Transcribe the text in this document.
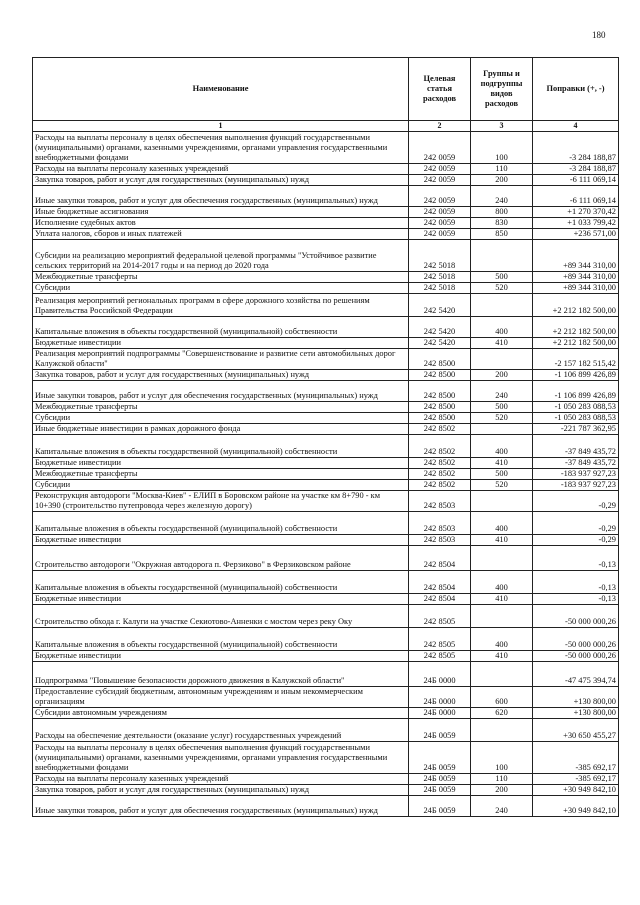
180
Наименование	Целевая статья расходов	Группы и подгруппы видов расходов	Поправки (+, -)
1	2	3	4
Расходы на выплаты персоналу в целях обеспечения выполнения функций государственными (муниципальными) органами, казенными учреждениями, органами управления государственными внебюджетными фондами	242 0059	100	-3 284 188,87
Расходы на выплаты персоналу казенных учреждений	242 0059	110	-3 284 188,87
Закупка товаров, работ и услуг для государственных (муниципальных) нужд	242 0059	200	-6 111 069,14
Иные закупки товаров, работ и услуг для обеспечения государственных (муниципальных) нужд	242 0059	240	-6 111 069,14
Иные бюджетные ассигнования	242 0059	800	+1 270 370,42
Исполнение судебных актов	242 0059	830	+1 033 799,42
Уплата налогов, сборов и иных платежей	242 0059	850	+236 571,00
Субсидии на реализацию мероприятий федеральной целевой программы "Устойчивое развитие сельских территорий на 2014-2017 годы и на период до 2020 года	242 5018		+89 344 310,00
Межбюджетные трансферты	242 5018	500	+89 344 310,00
Субсидии	242 5018	520	+89 344 310,00
Реализация мероприятий региональных программ в сфере дорожного хозяйства по решениям Правительства Российской Федерации	242 5420		+2 212 182 500,00
Капитальные вложения в объекты государственной (муниципальной) собственности	242 5420	400	+2 212 182 500,00
Бюджетные инвестиции	242 5420	410	+2 212 182 500,00
Реализация мероприятий подпрограммы "Совершенствование и развитие сети автомобильных дорог Калужской области"	242 8500		-2 157 182 515,42
Закупка товаров, работ и услуг для государственных (муниципальных) нужд	242 8500	200	-1 106 899 426,89
Иные закупки товаров, работ и услуг для обеспечения государственных (муниципальных) нужд	242 8500	240	-1 106 899 426,89
Межбюджетные трансферты	242 8500	500	-1 050 283 088,53
Субсидии	242 8500	520	-1 050 283 088,53
Иные бюджетные инвестиции в рамках дорожного фонда	242 8502		-221 787 362,95
Капитальные вложения в объекты государственной (муниципальной) собственности	242 8502	400	-37 849 435,72
Бюджетные инвестиции	242 8502	410	-37 849 435,72
Межбюджетные трансферты	242 8502	500	-183 937 927,23
Субсидии	242 8502	520	-183 937 927,23
Реконструкция автодороги "Москва-Киев" - ЕЛИП в Боровском районе на участке км 8+790 - км 10+390 (строительство путепровода через железную дорогу)	242 8503		-0,29
Капитальные вложения в объекты государственной (муниципальной) собственности	242 8503	400	-0,29
Бюджетные инвестиции	242 8503	410	-0,29
Строительство автодороги "Окружная автодорога п. Ферзиково" в Ферзиковском районе	242 8504		-0,13
Капитальные вложения в объекты государственной (муниципальной) собственности	242 8504	400	-0,13
Бюджетные инвестиции	242 8504	410	-0,13
Строительство обхода г. Калуги на участке Секиотово-Анненки с мостом через реку Оку	242 8505		-50 000 000,26
Капитальные вложения в объекты государственной (муниципальной) собственности	242 8505	400	-50 000 000,26
Бюджетные инвестиции	242 8505	410	-50 000 000,26
Подпрограмма "Повышение безопасности дорожного движения в Калужской области"	24Б 0000		-47 475 394,74
Предоставление субсидий бюджетным, автономным учреждениям и иным некоммерческим организациям	24Б 0000	600	+130 800,00
Субсидии автономным учреждениям	24Б 0000	620	+130 800,00
Расходы на обеспечение деятельности (оказание услуг) государственных учреждений	24Б 0059		+30 650 455,27
Расходы на выплаты персоналу в целях обеспечения выполнения функций государственными (муниципальными) органами, казенными учреждениями, органами управления государственными внебюджетными фондами	24Б 0059	100	-385 692,17
Расходы на выплаты персоналу казенных учреждений	24Б 0059	110	-385 692,17
Закупка товаров, работ и услуг для государственных (муниципальных) нужд	24Б 0059	200	+30 949 842,10
Иные закупки товаров, работ и услуг для обеспечения государственных (муниципальных) нужд	24Б 0059	240	+30 949 842,10
